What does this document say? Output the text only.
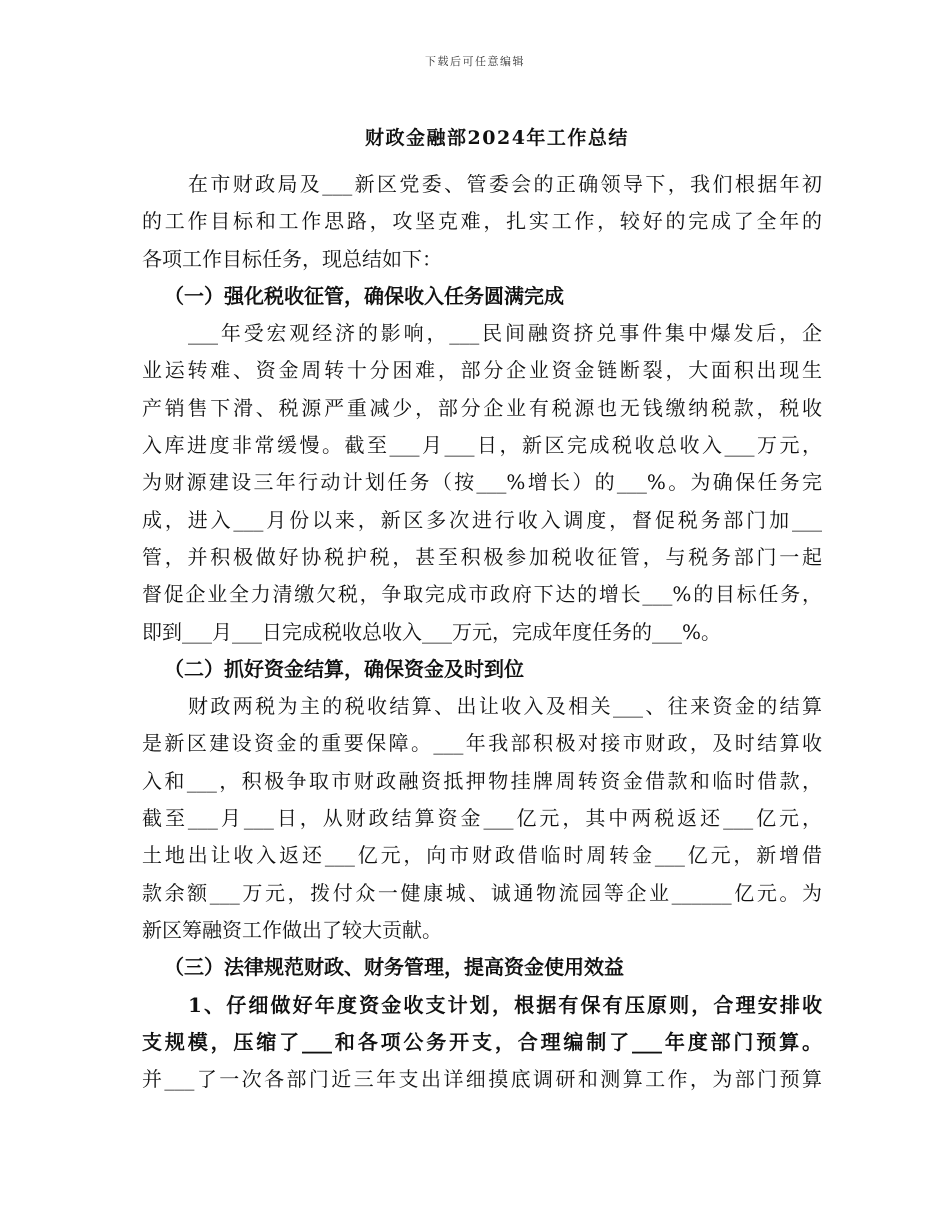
下载后可任意编辑
财政金融部2024年工作总结
在市财政局及___新区党委、管委会的正确领导下，我们根据年初
的工作目标和工作思路，攻坚克难，扎实工作，较好的完成了全年的
各项工作目标任务，现总结如下：
（一）强化税收征管，确保收入任务圆满完成
___年受宏观经济的影响，___民间融资挤兑事件集中爆发后，企
业运转难、资金周转十分困难，部分企业资金链断裂，大面积出现生
产销售下滑、税源严重减少，部分企业有税源也无钱缴纳税款，税收
入库进度非常缓慢。截至___月___日，新区完成税收总收入___万元，
为财源建设三年行动计划任务（按___%增长）的___%。为确保任务完
成，进入___月份以来，新区多次进行收入调度，督促税务部门加___
管，并积极做好协税护税，甚至积极参加税收征管，与税务部门一起
督促企业全力清缴欠税，争取完成市政府下达的增长___%的目标任务，
即到___月___日完成税收总收入___万元，完成年度任务的___%。
（二）抓好资金结算，确保资金及时到位
财政两税为主的税收结算、出让收入及相关___、往来资金的结算
是新区建设资金的重要保障。___年我部积极对接市财政，及时结算收
入和___，积极争取市财政融资抵押物挂牌周转资金借款和临时借款，
截至___月___日，从财政结算资金___亿元，其中两税返还___亿元，
土地出让收入返还___亿元，向市财政借临时周转金___亿元，新增借
款余额___万元，拨付众一健康城、诚通物流园等企业______亿元。为
新区筹融资工作做出了较大贡献。
（三）法律规范财政、财务管理，提高资金使用效益
1、仔细做好年度资金收支计划，根据有保有压原则，合理安排收
支规模，压缩了___和各项公务开支，合理编制了___年度部门预算。
并___了一次各部门近三年支出详细摸底调研和测算工作，为部门预算
